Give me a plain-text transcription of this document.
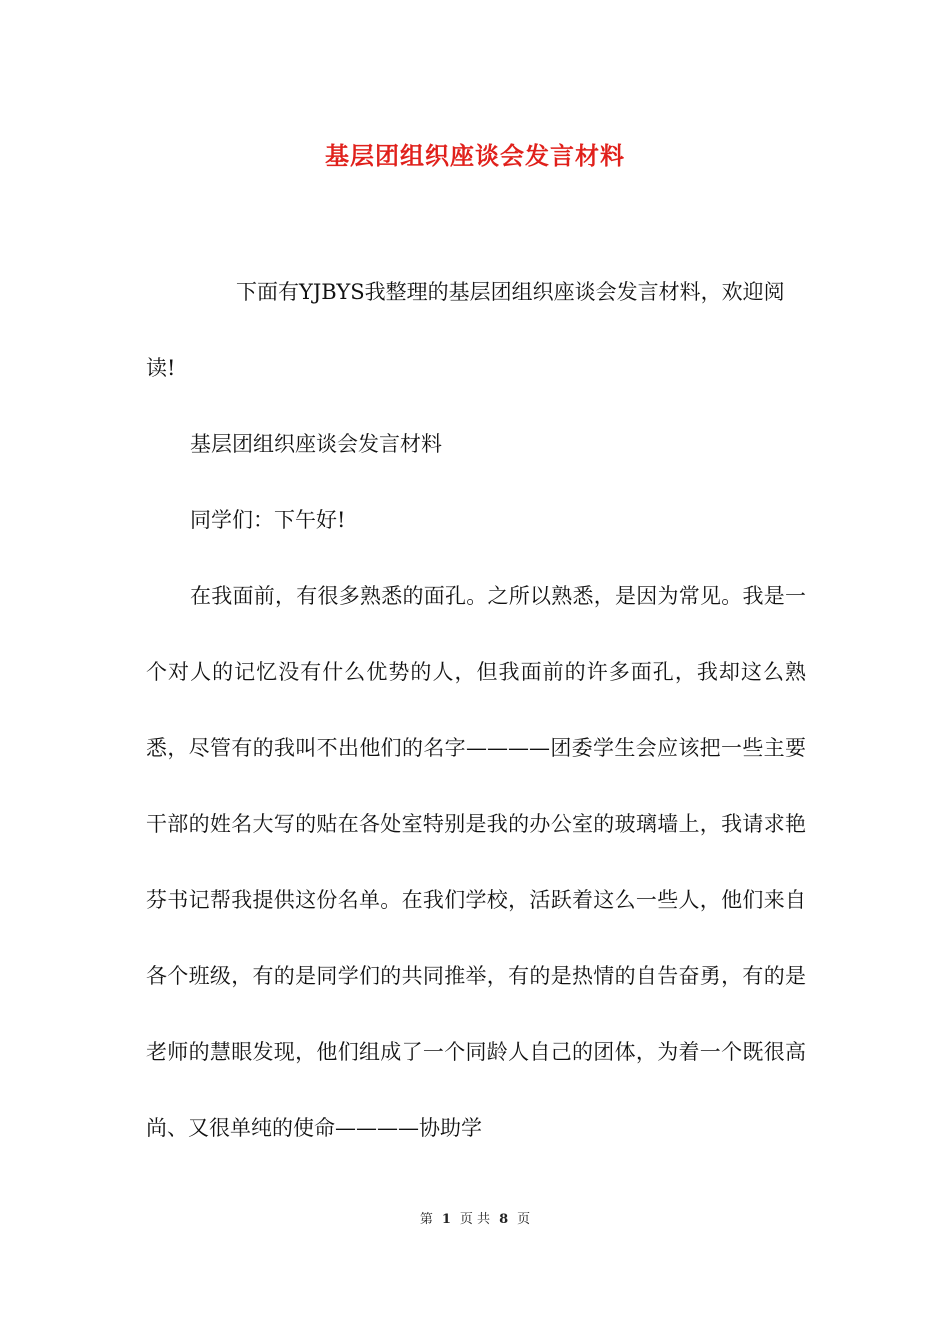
基层团组织座谈会发言材料

下面有YJBYS我整理的基层团组织座谈会发言材料，欢迎阅读!

基层团组织座谈会发言材料

同学们：下午好!

在我面前，有很多熟悉的面孔。之所以熟悉，是因为常见。我是一个对人的记忆没有什么优势的人，但我面前的许多面孔，我却这么熟悉，尽管有的我叫不出他们的名字————团委学生会应该把一些主要干部的姓名大写的贴在各处室特别是我的办公室的玻璃墙上，我请求艳芬书记帮我提供这份名单。在我们学校，活跃着这么一些人，他们来自各个班级，有的是同学们的共同推举，有的是热情的自告奋勇，有的是老师的慧眼发现，他们组成了一个同龄人自己的团体，为着一个既很高尚、又很单纯的使命————协助学

第 1 页 共 8 页
